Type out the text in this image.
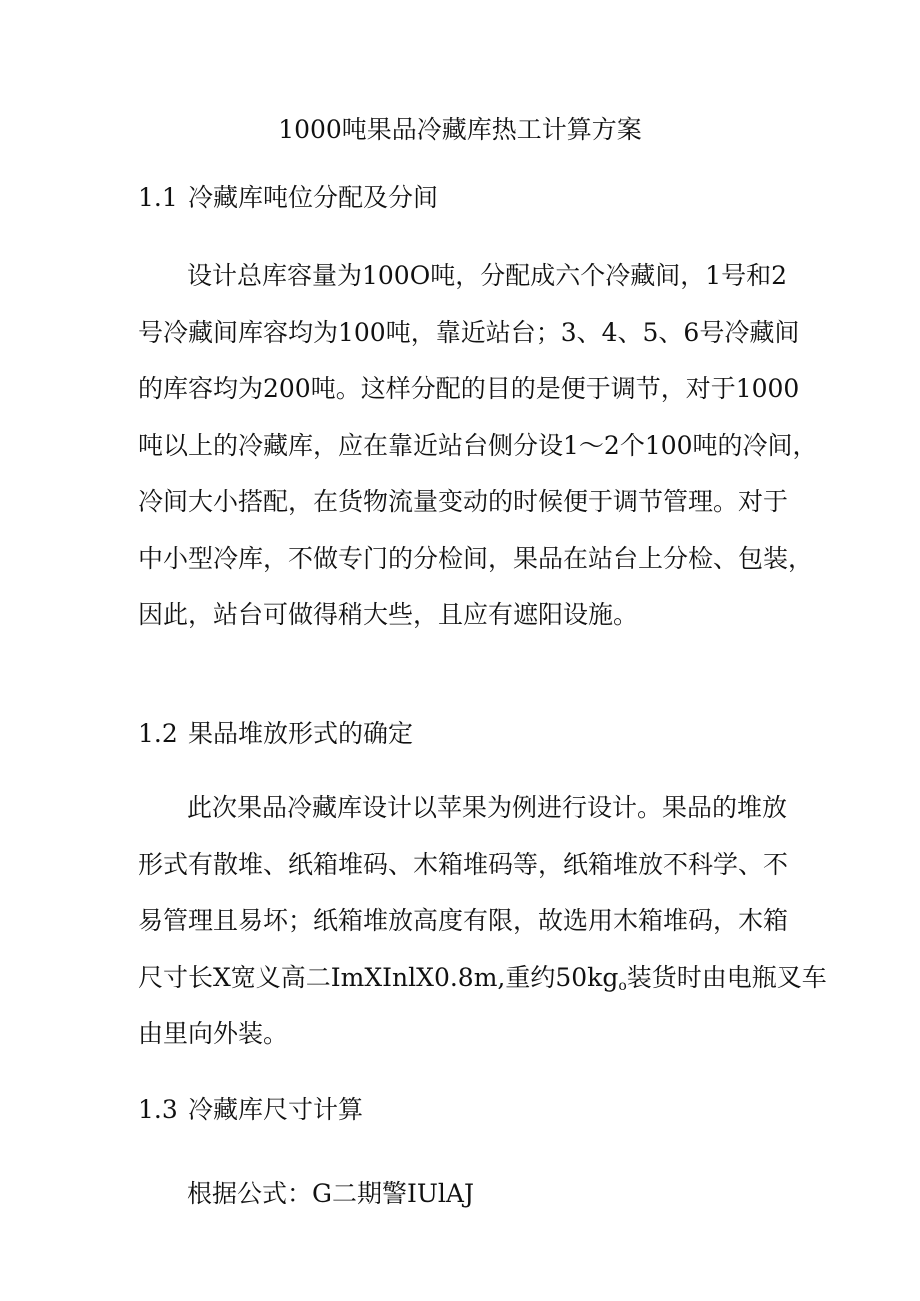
1000吨果品冷藏库热工计算方案
1.1 冷藏库吨位分配及分间
设计总库容量为100O吨，分配成六个冷藏间，1号和2
号冷藏间库容均为100吨，靠近站台；3、4、5、6号冷藏间
的库容均为200吨。这样分配的目的是便于调节，对于1000
吨以上的冷藏库，应在靠近站台侧分设1～2个100吨的冷间，
冷间大小搭配，在货物流量变动的时候便于调节管理。对于
中小型冷库，不做专门的分检间，果品在站台上分检、包装，
因此，站台可做得稍大些，且应有遮阳设施。
1.2 果品堆放形式的确定
此次果品冷藏库设计以苹果为例进行设计。果品的堆放
形式有散堆、纸箱堆码、木箱堆码等，纸箱堆放不科学、不
易管理且易坏；纸箱堆放高度有限，故选用木箱堆码，木箱
尺寸长X宽义高二ImXInlX0.8m,重约$50kg_o$装货时由电瓶叉车
由里向外装。
1.3 冷藏库尺寸计算
根据公式：G二期警IUlAJ
